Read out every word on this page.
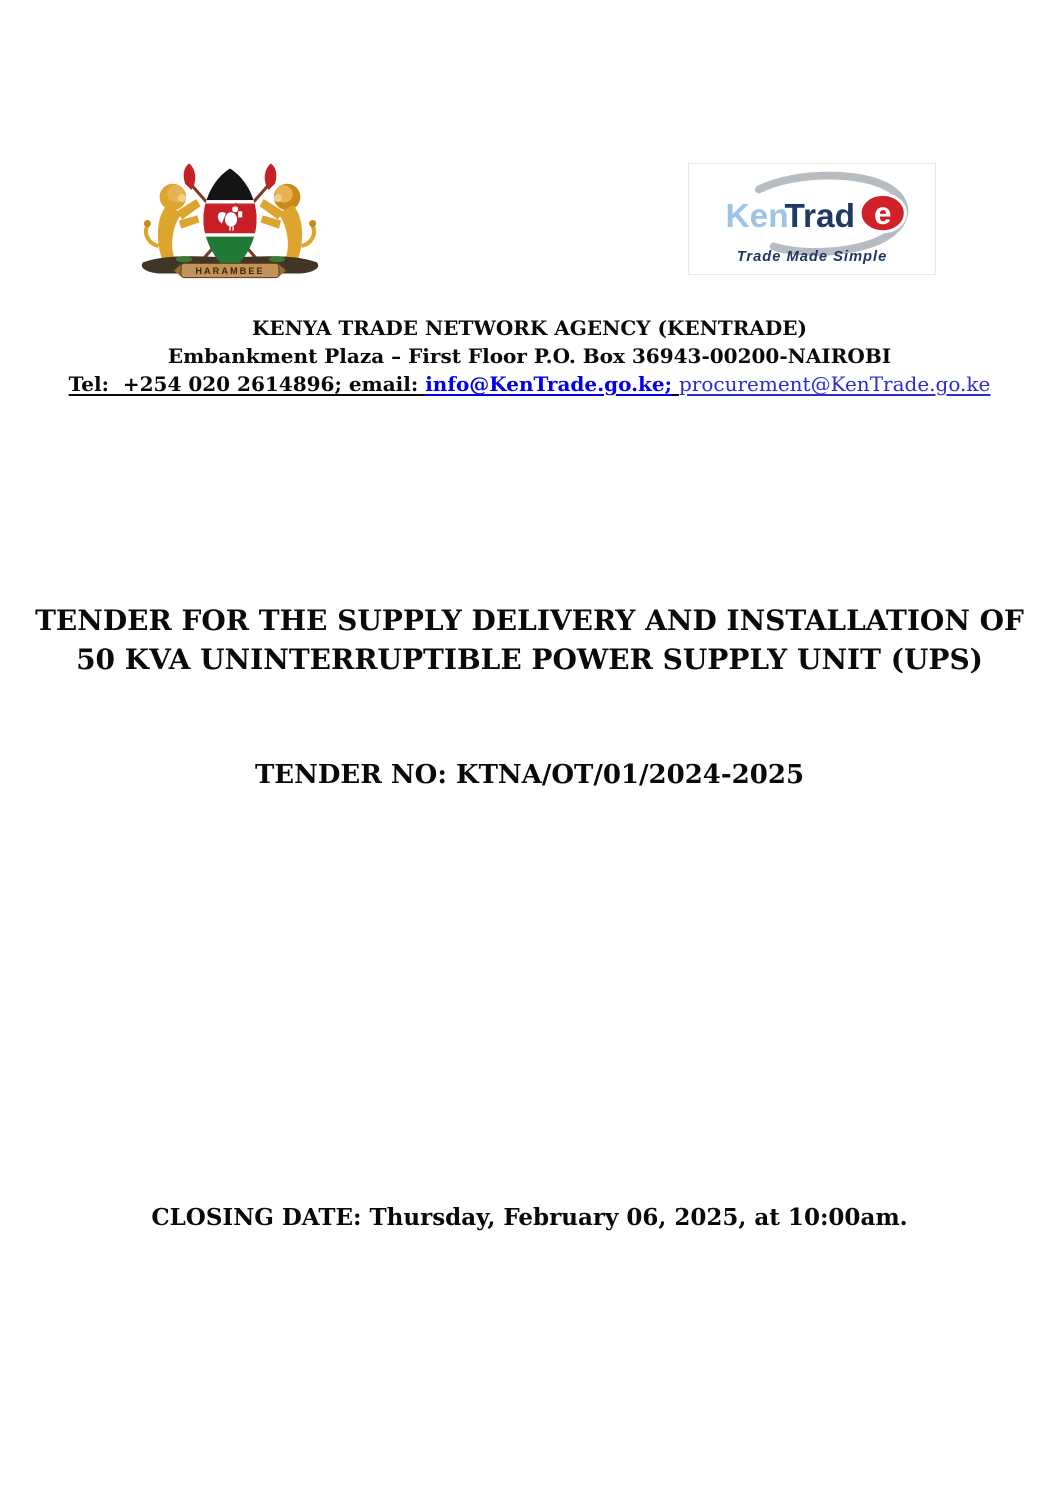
HARAMBEE
Ken
Trad e
Trade Made Simple
KENYA TRADE NETWORK AGENCY (KENTRADE)
Embankment Plaza – First Floor P.O. Box 36943-00200-NAIROBI
Tel:  +254 020 2614896; email: info@KenTrade.go.ke; procurement@KenTrade.go.ke
TENDER FOR THE SUPPLY DELIVERY AND INSTALLATION OF
50 KVA UNINTERRUPTIBLE POWER SUPPLY UNIT (UPS)
TENDER NO: KTNA/OT/01/2024-2025
CLOSING DATE: Thursday, February 06, 2025, at 10:00am.
